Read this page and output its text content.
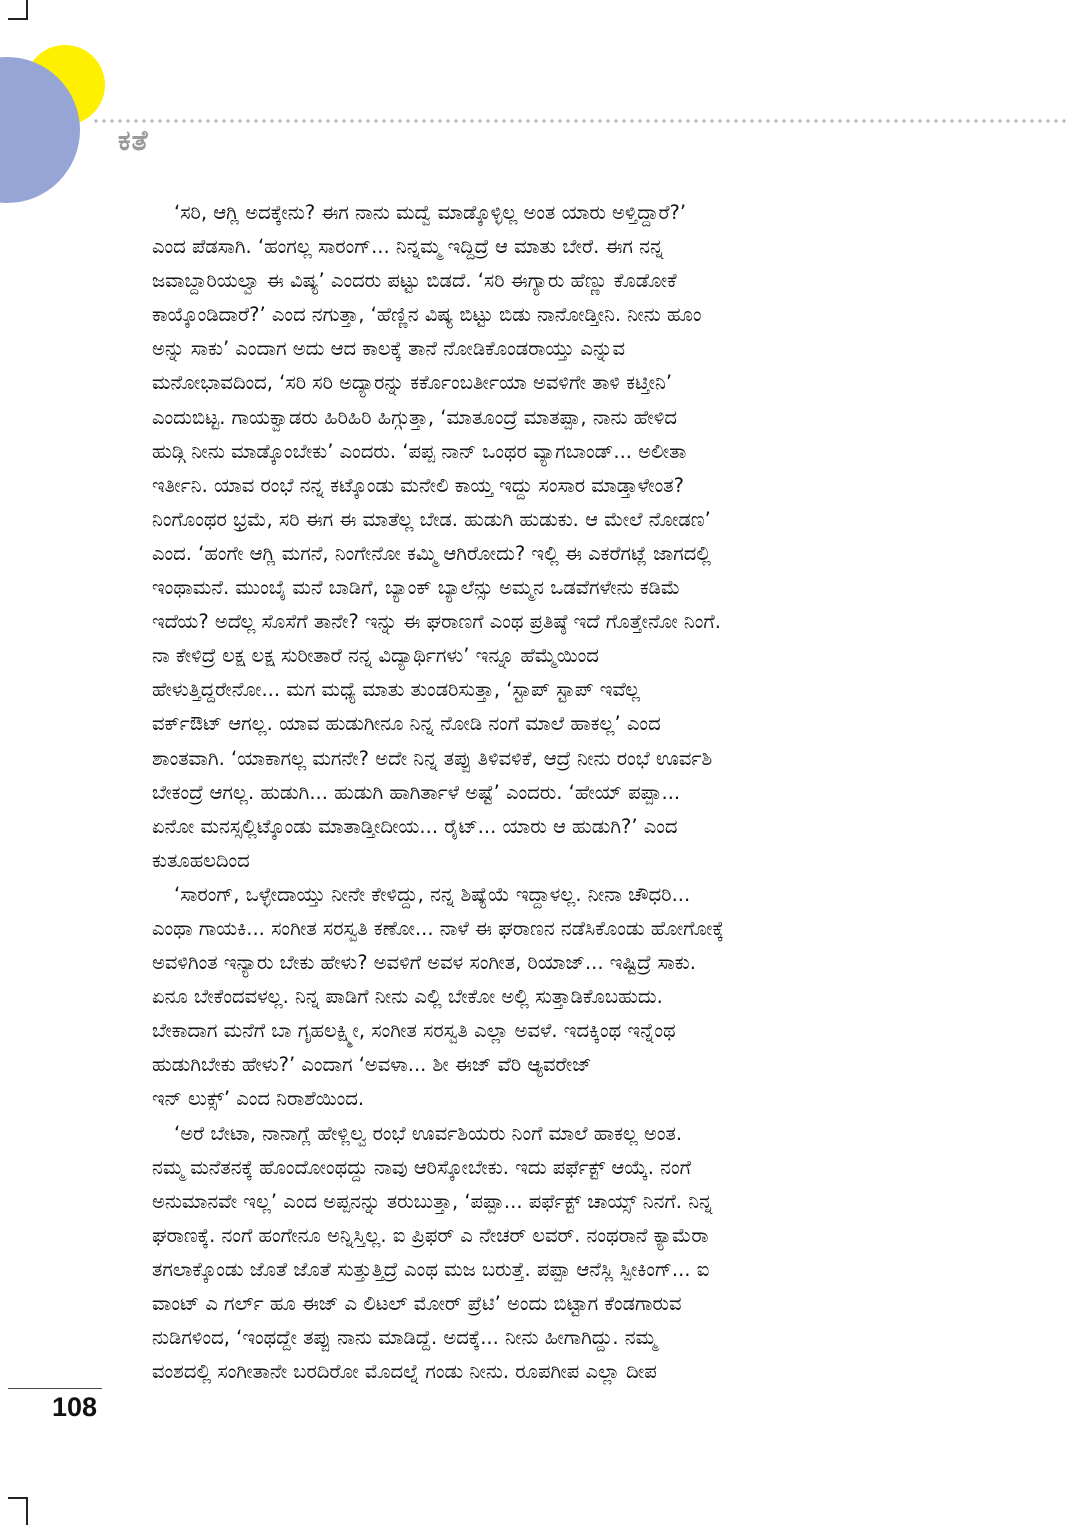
ಕತೆ

‘ಸರಿ, ಆಗ್ಲಿ ಅದಕ್ಕೇನು? ಈಗ ನಾನು ಮದ್ವೆ ಮಾಡ್ಕೊಳ್ಳಿಲ್ಲ ಅಂತ ಯಾರು ಅಳ್ತಿದ್ದಾರೆ?’

ಎಂದ ಪೆಡಸಾಗಿ. ‘ಹಂಗಲ್ಲ ಸಾರಂಗ್... ನಿನ್ನಮ್ಮ ಇದ್ದಿದ್ರೆ ಆ ಮಾತು ಬೇರೆ. ಈಗ ನನ್ನ

ಜವಾಬ್ದಾರಿಯಲ್ವಾ ಈ ವಿಷ್ಯ’ ಎಂದರು ಪಟ್ಟು ಬಿಡದೆ. ‘ಸರಿ ಈಗ್ಯಾರು ಹೆಣ್ಣು ಕೊಡೋಕೆ

ಕಾಯ್ಕೊಂಡಿದಾರೆ?’ ಎಂದ ನಗುತ್ತಾ, ‘ಹೆಣ್ಣಿನ ವಿಷ್ಯ ಬಿಟ್ಟು ಬಿಡು ನಾನೋಡ್ತೀನಿ. ನೀನು ಹೂಂ

ಅನ್ನು ಸಾಕು’ ಎಂದಾಗ ಅದು ಆದ ಕಾಲಕ್ಕೆ ತಾನೆ ನೋಡಿಕೊಂಡರಾಯ್ತು ಎನ್ನುವ

ಮನೋಭಾವದಿಂದ, ‘ಸರಿ ಸರಿ ಅದ್ಯಾರನ್ನು ಕರ್ಕೊಂಬರ್ತೀಯಾ ಅವಳಿಗೇ ತಾಳಿ ಕಟ್ತೀನಿ’

ಎಂದುಬಿಟ್ಟ. ಗಾಯಕ್ವಾಡರು ಹಿರಿಹಿರಿ ಹಿಗ್ಗುತ್ತಾ, ‘ಮಾತೂಂದ್ರೆ ಮಾತಪ್ಪಾ, ನಾನು ಹೇಳಿದ

ಹುಡ್ಗಿ ನೀನು ಮಾಡ್ಕೊಂಬೇಕು’ ಎಂದರು. ‘ಪಪ್ಪ ನಾನ್ ಒಂಥರ ವ್ಯಾಗಬಾಂಡ್... ಅಲೀತಾ

ಇರ್ತೀನಿ. ಯಾವ ರಂಭೆ ನನ್ನ ಕಟ್ಕೊಂಡು ಮನೇಲಿ ಕಾಯ್ತ ಇದ್ದು ಸಂಸಾರ ಮಾಡ್ತಾಳೇಂತ?

ನಿಂಗೊಂಥರ ಭ್ರಮೆ, ಸರಿ ಈಗ ಈ ಮಾತೆಲ್ಲ ಬೇಡ. ಹುಡುಗಿ ಹುಡುಕು. ಆ ಮೇಲೆ ನೋಡಣ’

ಎಂದ. ‘ಹಂಗೇ ಆಗ್ಲಿ ಮಗನೆ, ನಿಂಗೇನೋ ಕಮ್ಮಿ ಆಗಿರೋದು? ಇಲ್ಲಿ ಈ ಎಕರೆಗಟ್ಲೆ ಜಾಗದಲ್ಲಿ

ಇಂಥಾಮನೆ. ಮುಂಬೈ ಮನೆ ಬಾಡಿಗೆ, ಬ್ಯಾಂಕ್ ಬ್ಯಾಲೆನ್ಸು ಅಮ್ಮನ ಒಡವೆಗಳೇನು ಕಡಿಮೆ

ಇದೆಯ? ಅದೆಲ್ಲ ಸೊಸೆಗೆ ತಾನೇ? ಇನ್ನು ಈ ಘರಾಣಗೆ ಎಂಥ ಪ್ರತಿಷ್ಠೆ ಇದೆ ಗೊತ್ತೇನೋ ನಿಂಗೆ.

ನಾ ಕೇಳಿದ್ರೆ ಲಕ್ಷ ಲಕ್ಷ ಸುರೀತಾರೆ ನನ್ನ ವಿದ್ಯಾರ್ಥಿಗಳು’ ಇನ್ನೂ ಹೆಮ್ಮೆಯಿಂದ

ಹೇಳುತ್ತಿದ್ದರೇನೋ... ಮಗ ಮಧ್ಯೆ ಮಾತು ತುಂಡರಿಸುತ್ತಾ, ‘ಸ್ಟಾಪ್ ಸ್ಟಾಪ್ ಇವೆಲ್ಲ

ವರ್ಕ್‌ಔಟ್ ಆಗಲ್ಲ. ಯಾವ ಹುಡುಗೀನೂ ನಿನ್ನ ನೋಡಿ ನಂಗೆ ಮಾಲೆ ಹಾಕಲ್ಲ’ ಎಂದ

ಶಾಂತವಾಗಿ. ‘ಯಾಕಾಗಲ್ಲ ಮಗನೇ? ಅದೇ ನಿನ್ನ ತಪ್ಪು ತಿಳಿವಳಿಕೆ, ಆದ್ರೆ ನೀನು ರಂಭೆ ಊರ್ವಶಿ

ಬೇಕಂದ್ರೆ ಆಗಲ್ಲ. ಹುಡುಗಿ... ಹುಡುಗಿ ಹಾಗಿರ್ತಾಳೆ ಅಷ್ಟೆ’ ಎಂದರು. ‘ಹೇಯ್ ಪಪ್ಪಾ...

ಏನೋ ಮನಸ್ಸಲ್ಲಿಟ್ಕೊಂಡು ಮಾತಾಡ್ತೀದೀಯ... ರೈಟ್... ಯಾರು ಆ ಹುಡುಗಿ?’ ಎಂದ

ಕುತೂಹಲದಿಂದ

‘ಸಾರಂಗ್, ಒಳ್ಳೇದಾಯ್ತು ನೀನೇ ಕೇಳಿದ್ದು, ನನ್ನ ಶಿಷ್ಯೆಯೆ ಇದ್ದಾಳಲ್ಲ. ನೀನಾ ಚೌಧರಿ...

ಎಂಥಾ ಗಾಯಕಿ... ಸಂಗೀತ ಸರಸ್ವತಿ ಕಣೋ... ನಾಳೆ ಈ ಘರಾಣನ ನಡೆಸಿಕೊಂಡು ಹೋಗೋಕ್ಕೆ

ಅವಳಿಗಿಂತ ಇನ್ಯಾರು ಬೇಕು ಹೇಳು? ಅವಳಿಗೆ ಅವಳ ಸಂಗೀತ, ರಿಯಾಜ್... ಇಷ್ಟಿದ್ರೆ ಸಾಕು.

ಏನೂ ಬೇಕೆಂದವಳಲ್ಲ. ನಿನ್ನ ಪಾಡಿಗೆ ನೀನು ಎಲ್ಲಿ ಬೇಕೋ ಅಲ್ಲಿ ಸುತ್ತಾಡಿಕೊಬಹುದು.

ಬೇಕಾದಾಗ ಮನೆಗೆ ಬಾ ಗೃಹಲಕ್ಷ್ಮೀ, ಸಂಗೀತ ಸರಸ್ವತಿ ಎಲ್ಲಾ ಅವಳೆ. ಇದಕ್ಕಿಂಥ ಇನ್ನೆಂಥ

ಹುಡುಗಿಬೇಕು ಹೇಳು?’ ಎಂದಾಗ ‘ಅವಳಾ... ಶೀ ಈಜ್ ವೆರಿ ಆ್ಯವರೇಜ್

ಇನ್ ಲುಕ್ಸ್’ ಎಂದ ನಿರಾಶೆಯಿಂದ.

‘ಅರೆ ಬೇಟಾ, ನಾನಾಗ್ಲೆ ಹೇಳ್ಲಿಲ್ವ ರಂಭೆ ಊರ್ವಶಿಯರು ನಿಂಗೆ ಮಾಲೆ ಹಾಕಲ್ಲ ಅಂತ.

ನಮ್ಮ ಮನೆತನಕ್ಕೆ ಹೊಂದೋಂಥದ್ದು ನಾವು ಆರಿಸ್ಕೋಬೇಕು. ಇದು ಪರ್ಫೆಕ್ಟ್ ಆಯ್ಕೆ. ನಂಗೆ

ಅನುಮಾನವೇ ಇಲ್ಲ’ ಎಂದ ಅಪ್ಪನನ್ನು ತರುಬುತ್ತಾ, ‘ಪಪ್ಪಾ... ಪರ್ಫೆಕ್ಟ್ ಚಾಯ್ಸ್ ನಿನಗೆ. ನಿನ್ನ

ಘರಾಣಕ್ಕೆ. ನಂಗೆ ಹಂಗೇನೂ ಅನ್ನಿಸ್ತಿಲ್ಲ. ಐ ಪ್ರಿಫರ್ ಎ ನೇಚರ್ ಲವರ್. ನಂಥರಾನೆ ಕ್ಯಾಮೆರಾ

ತಗಲಾಕ್ಕೊಂಡು ಜೊತೆ ಜೊತೆ ಸುತ್ತುತ್ತಿದ್ರೆ ಎಂಥ ಮಜ ಬರುತ್ತೆ. ಪಪ್ಪಾ ಆನೆಸ್ಲಿ ಸ್ಪೀಕಿಂಗ್... ಐ

ವಾಂಟ್ ಎ ಗರ್ಲ್ ಹೂ ಈಜ್ ಎ ಲಿಟಲ್ ಮೋರ್ ಪ್ರೆಟಿ’ ಅಂದು ಬಿಟ್ಟಾಗ ಕೆಂಡಗಾರುವ

ನುಡಿಗಳಿಂದ, ‘ಇಂಥದ್ದೇ ತಪ್ಪು ನಾನು ಮಾಡಿದ್ದೆ. ಅದಕ್ಕೆ... ನೀನು ಹೀಗಾಗಿದ್ದು. ನಮ್ಮ

ವಂಶದಲ್ಲಿ ಸಂಗೀತಾನೇ ಬರದಿರೋ ಮೊದಲ್ನೆ ಗಂಡು ನೀನು. ರೂಪಗೀಪ ಎಲ್ಲಾ ದೀಪ

108
